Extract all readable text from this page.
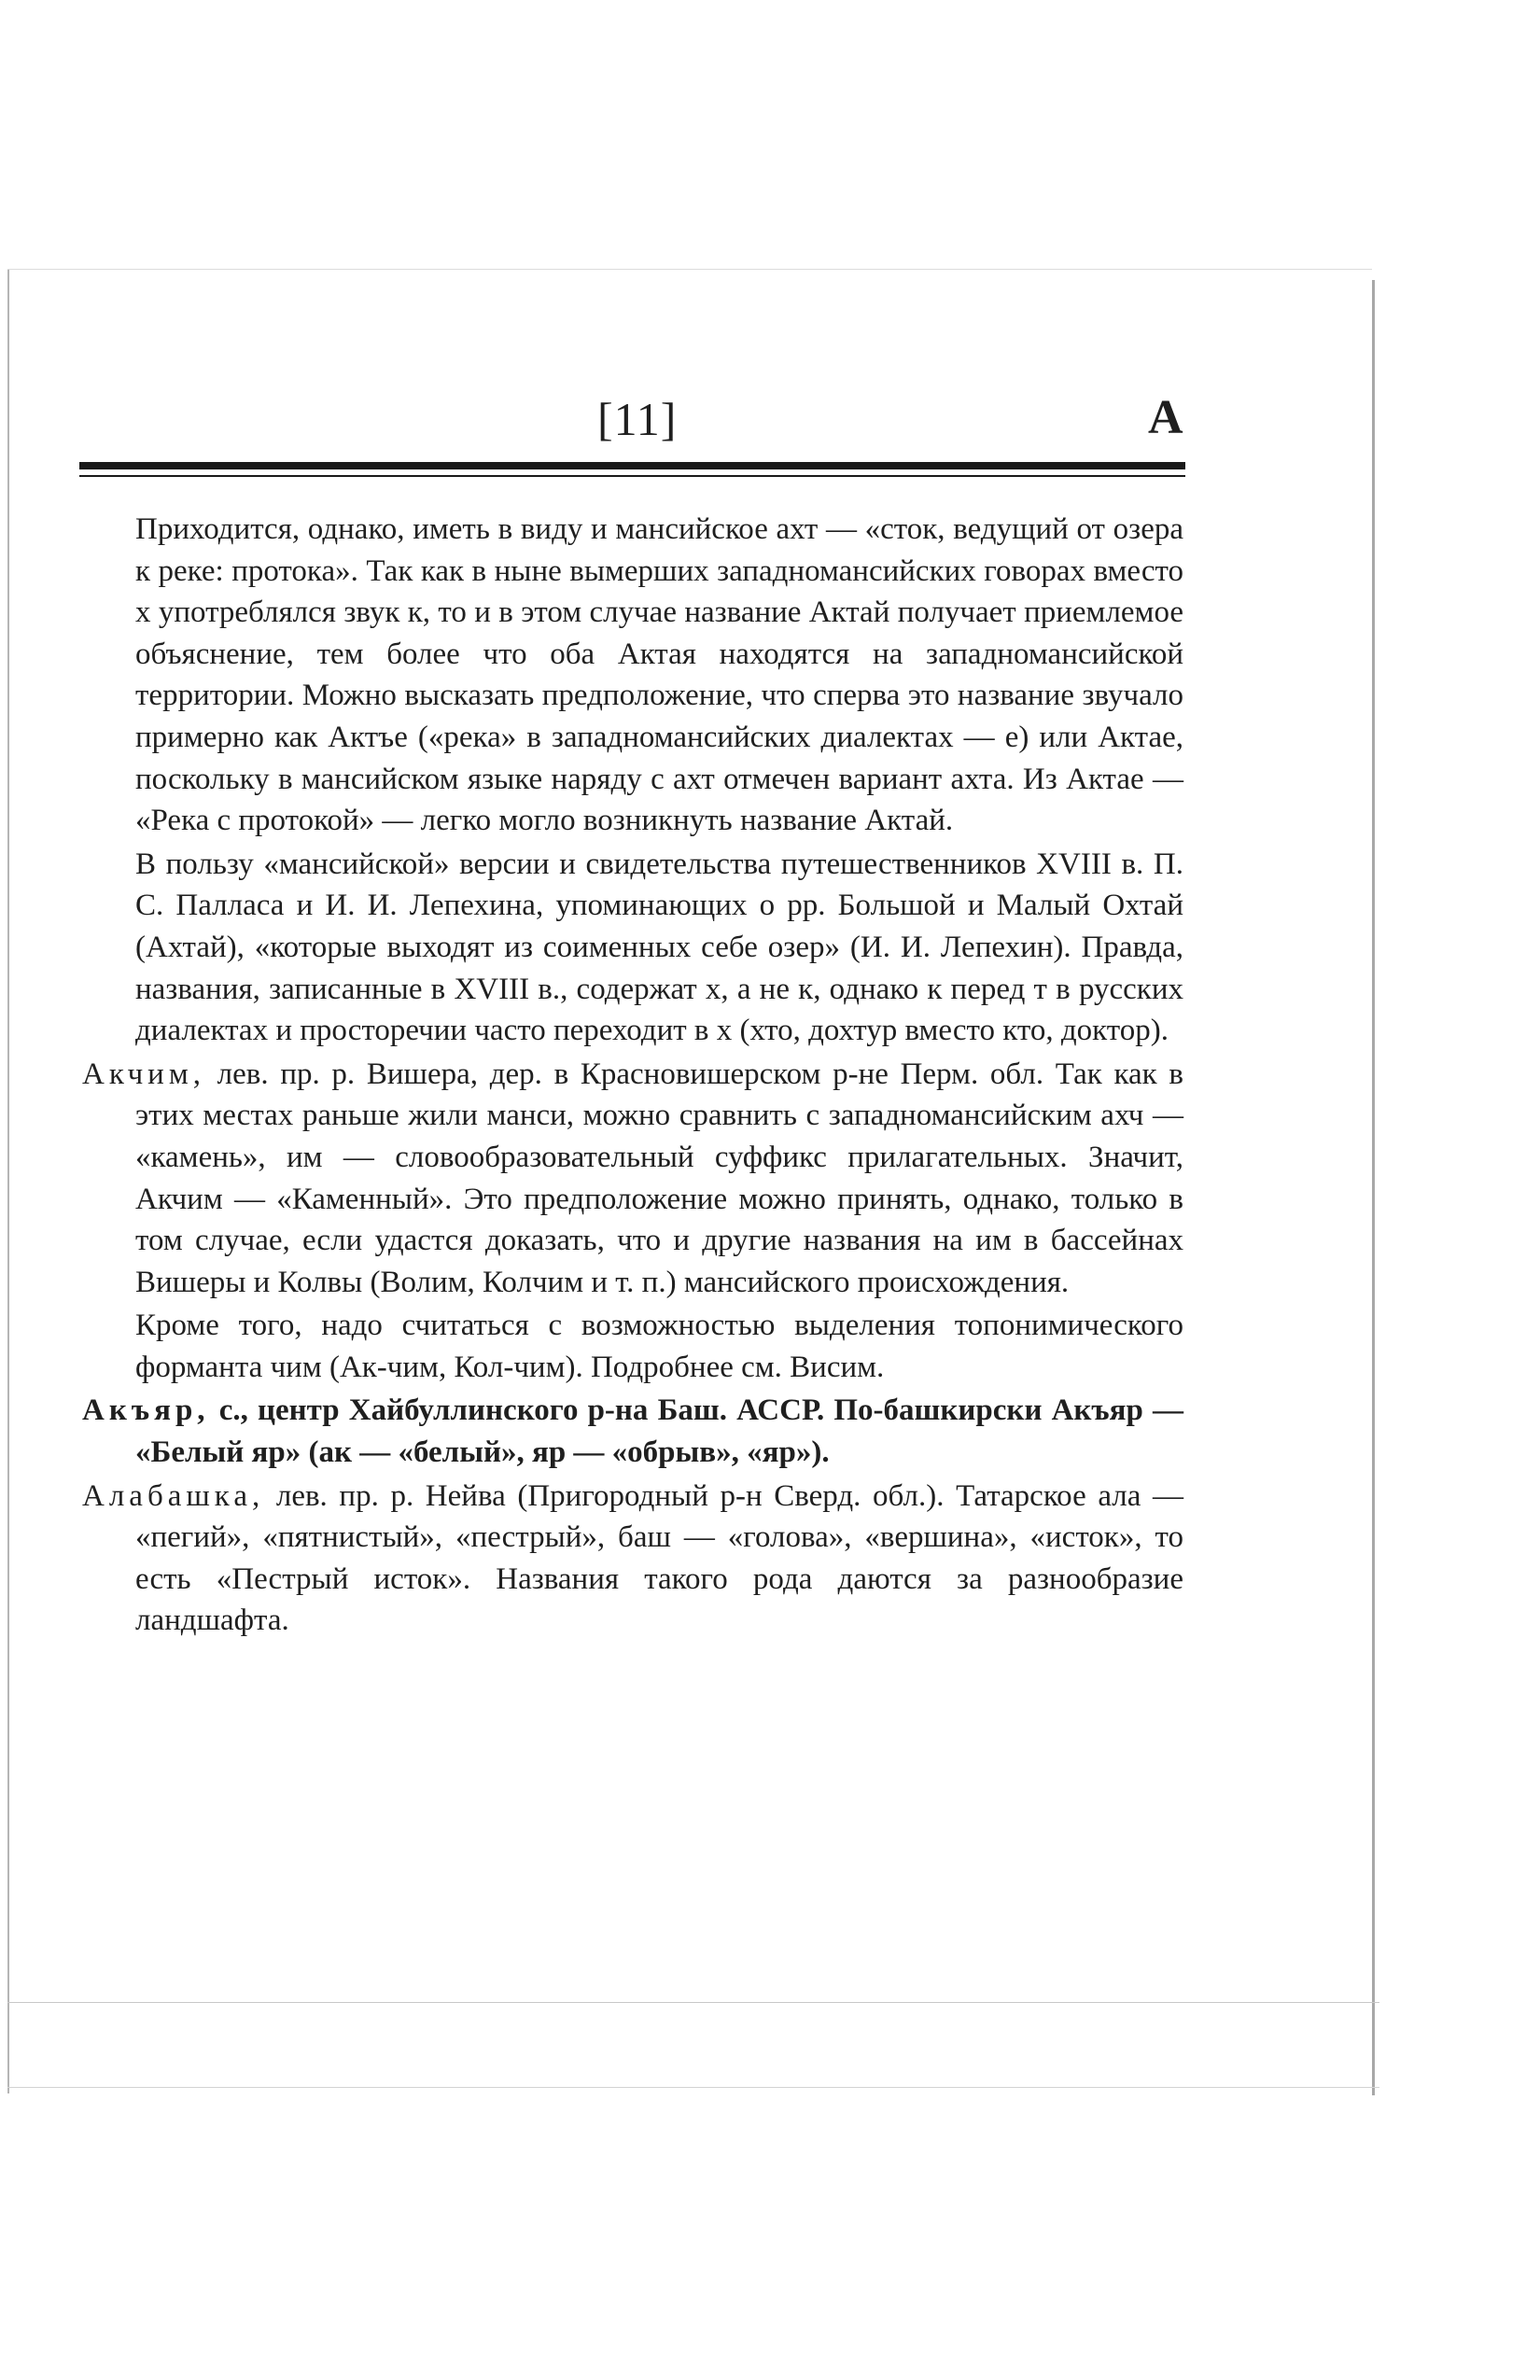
[11]	А

Приходится, однако, иметь в виду и мансийское ахт — «сток, ведущий от озера к реке: протока». Так как в ныне вымерших западномансийских говорах вместо х употреблялся звук к, то и в этом случае название Актай получает приемлемое объяснение, тем более что оба Актая находятся на западномансийской территории. Можно высказать предположение, что сперва это название звучало примерно как Актъе («река» в западномансийских диалектах — е) или Актае, поскольку в мансийском языке наряду с ахт отмечен вариант ахта. Из Актае — «Река с протокой» — легко могло возникнуть название Актай.

В пользу «мансийской» версии и свидетельства путешественников XVIII в. П. С. Палласа и И. И. Лепехина, упоминающих о рр. Большой и Малый Охтай (Ахтай), «которые выходят из соименных себе озер» (И. И. Лепехин). Правда, названия, записанные в XVIII в., содержат х, а не к, однако к перед т в русских диалектах и просторечии часто переходит в х (хто, дохтур вместо кто, доктор).

Акчим, лев. пр. р. Вишера, дер. в Красновишерском р-не Перм. обл. Так как в этих местах раньше жили манси, можно сравнить с западномансийским ахч — «камень», им — словообразовательный суффикс прилагательных. Значит, Акчим — «Каменный». Это предположение можно принять, однако, только в том случае, если удастся доказать, что и другие названия на им в бассейнах Вишеры и Колвы (Волим, Колчим и т. п.) мансийского происхождения.

Кроме того, надо считаться с возможностью выделения топонимического форманта чим (Ак-чим, Кол-чим). Подробнее см. Висим.

Акъяр, с., центр Хайбуллинского р-на Баш. АССР. По-башкирски Акъяр — «Белый яр» (ак — «белый», яр — «обрыв», «яр»).

Алабашка, лев. пр. р. Нейва (Пригородный р-н Сверд. обл.). Татарское ала — «пегий», «пятнистый», «пестрый», баш — «голова», «вершина», «исток», то есть «Пестрый исток». Названия такого рода даются за разнообразие ландшафта.
